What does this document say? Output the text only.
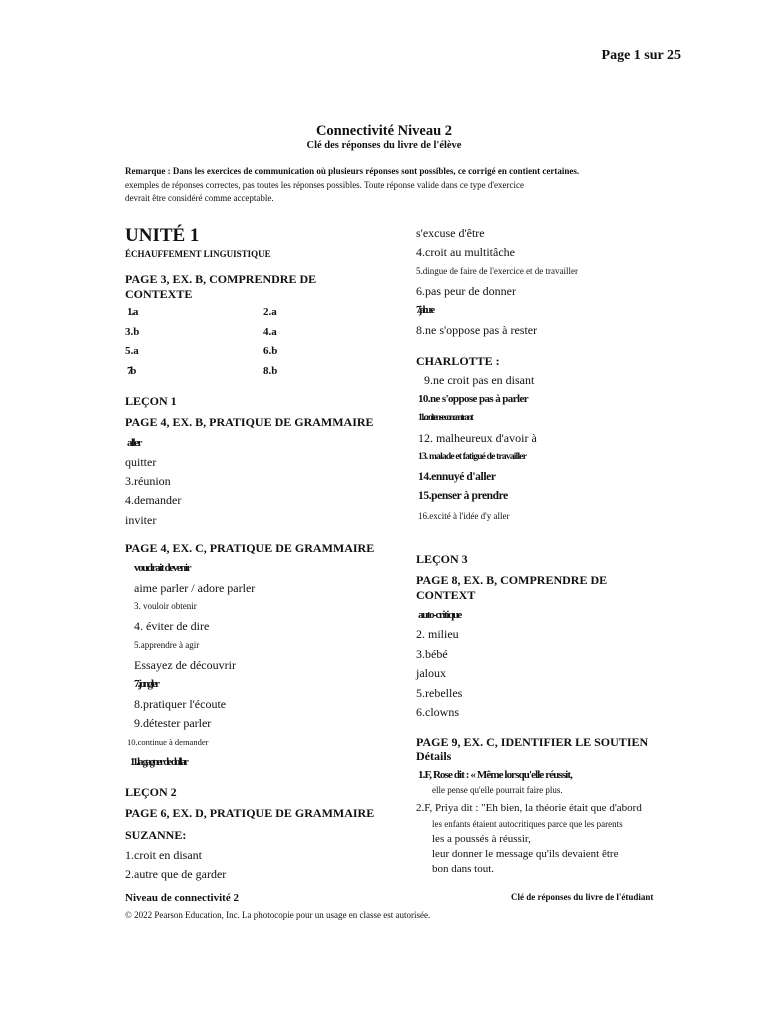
Page 1 sur 25
Connectivité Niveau 2
Clé des réponses du livre de l'élève
Remarque : Dans les exercices de communication où plusieurs réponses sont possibles, ce corrigé en contient certaines.
exemples de réponses correctes, pas toutes les réponses possibles. Toute réponse valide dans ce type d'exercice
devrait être considéré comme acceptable.
UNITÉ 1
ÉCHAUFFEMENT LINGUISTIQUE
PAGE 3, EX. B, COMPRENDRE DE CONTEXTE
1.a	2.a
3.b	4.a
5.a	6.b
7.b	8.b
LEÇON 1
PAGE 4, EX. B, PRATIQUE DE GRAMMAIRE
aller
quitter
3.réunion
4.demander
inviter
PAGE 4, EX. C, PRATIQUE DE GRAMMAIRE
voudrait devenir
aime parler / adore parler
3. vouloir obtenir
4. éviter de dire
5.apprendre à agir
Essayez de découvrir
7.jongler
8.pratiquer l'écoute
9.détester parler
10.continue à demander
11.la gagner de dollar
LEÇON 2
PAGE 6, EX. D, PRATIQUE DE GRAMMAIRE
SUZANNE:
1.croit en disant
2.autre que de garder
s'excuse d'être
4.croit au multitâche
5.dingue de faire de l'exercice et de travailler
6.pas peur de donner
7.jalouse
8.ne s'oppose pas à rester
CHARLOTTE :
9.ne croit pas en disant
10.ne s'oppose pas à parler
11.croit en se concentrant
12. malheureux d'avoir à
13. malade et fatigué de travailler
14.ennuyé d'aller
15.penser à prendre
16.excité à l'idée d'y aller
LEÇON 3
PAGE 8, EX. B, COMPRENDRE DE CONTEXT
auto-critique
2. milieu
3.bébé
jaloux
5.rebelles
6.clowns
PAGE 9, EX. C, IDENTIFIER LE SOUTIEN
Détails
1.F, Rose dit : « Même lorsqu'elle réussit,
elle pense qu'elle pourrait faire plus.
2.F, Priya dit : "Eh bien, la théorie était que d'abord
les enfants étaient autocritiques parce que les parents
les a poussés à réussir,
leur donner le message qu'ils devaient être
bon dans tout.
Niveau de connectivité 2	Clé de réponses du livre de l'étudiant
© 2022 Pearson Education, Inc. La photocopie pour un usage en classe est autorisée.
